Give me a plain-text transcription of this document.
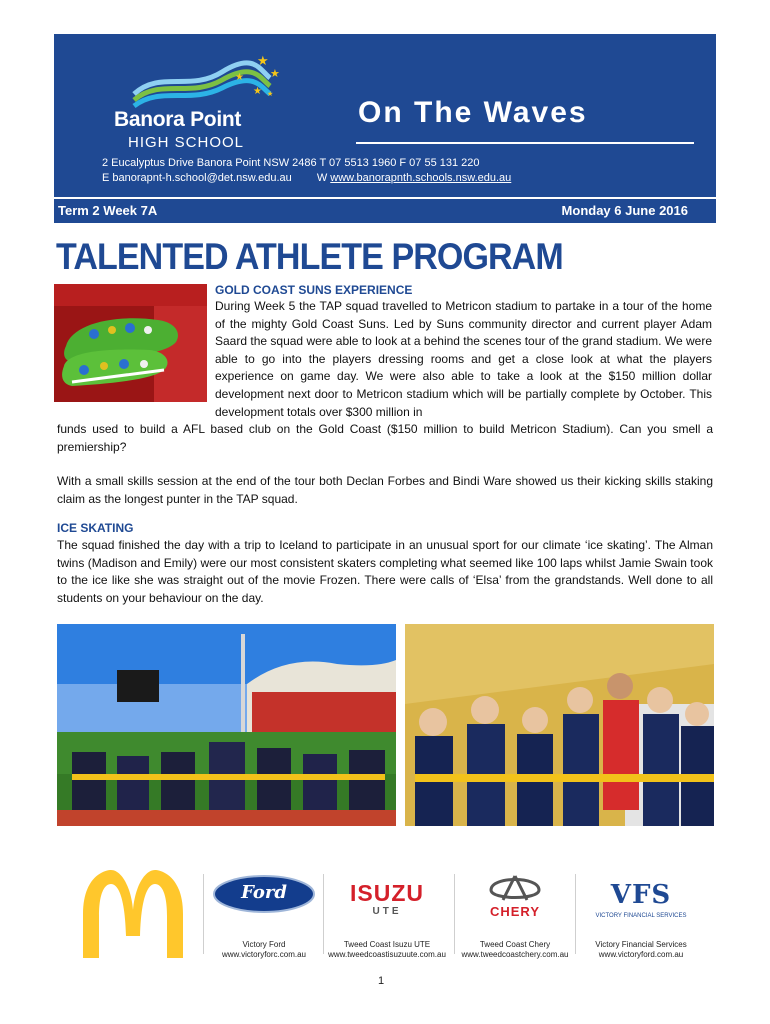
★
★
★
★ ★
Banora Point
HIGH SCHOOL
On The Waves
2 Eucalyptus Drive Banora Point NSW 2486 T 07 5513 1960 F 07 55 131 220
E banorapnt-h.school@det.nsw.edu.au W www.banorapnth.schools.nsw.edu.au
Term 2 Week 7A	Monday 6 June 2016
TALENTED ATHLETE PROGRAM
GOLD COAST SUNS EXPERIENCE
During Week 5 the TAP squad travelled to Metricon stadium to partake in a tour of the home of the mighty Gold Coast Suns. Led by Suns community director and current player Adam Saard the squad were able to look at a behind the scenes tour of the grand stadium. We were able to go into the players dressing rooms and get a close look at what the players experience on game day. We were also able to take a look at the $150 million dollar development next door to Metricon stadium which will be partially complete by October. This development totals over $300 million in
funds used to build a AFL based club on the Gold Coast ($150 million to build Metricon Stadium). Can you smell a premiership?
With a small skills session at the end of the tour both Declan Forbes and Bindi Ware showed us their kicking skills staking claim as the longest punter in the TAP squad.
ICE SKATING
The squad finished the day with a trip to Iceland to participate in an unusual sport for our climate ‘ice skating’. The Alman twins (Madison and Emily) were our most consistent skaters completing what seemed like 100 laps whilst Jamie Swain took to the ice like she was straight out of the movie Frozen. There were calls of ‘Elsa’ from the grandstands. Well done to all students on your behaviour on the day.
Ford
Victory Ford
www.victoryforc.com.au
ISUZU
UTE
Tweed Coast Isuzu UTE
www.tweedcoastisuzuute.com.au
CHERY
Tweed Coast Chery
www.tweedcoastchery.com.au
VFS
VICTORY FINANCIAL SERVICES
Victory Financial Services
www.victoryford.com.au
1
